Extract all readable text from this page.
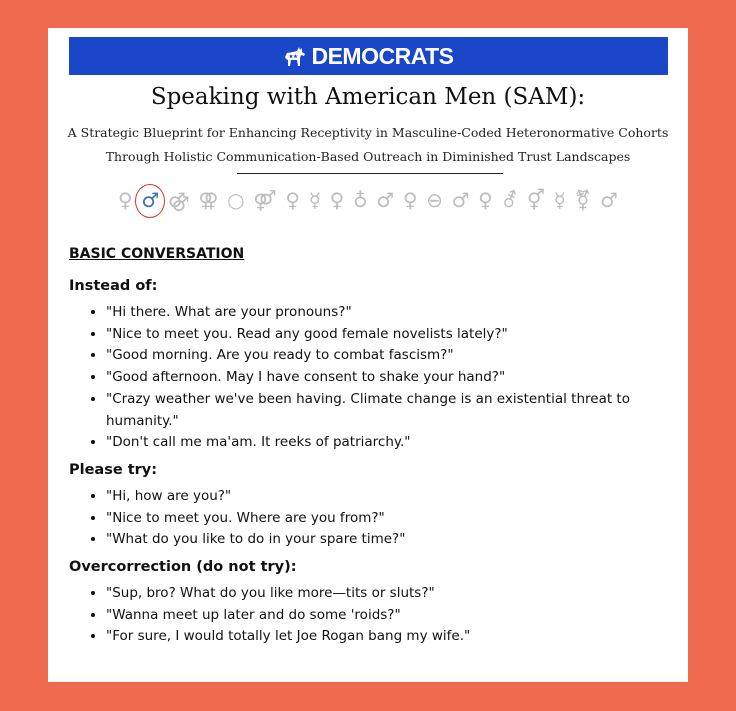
DEMOCRATS
Speaking with American Men (SAM):
A Strategic Blueprint for Enhancing Receptivity in Masculine-Coded Heteronormative Cohorts
Through Holistic Communication-Based Outreach in Diminished Trust Landscapes
♀ ♂ ⚣ ⚢ ○ ⚤ ♀ ☿ ♀ ♁ ♂ ♀ ⊖ ♂ ♀ ⚦ ⚥ ☿ ⚧ ♂
BASIC CONVERSATION
Instead of:
• "Hi there. What are your pronouns?"
• "Nice to meet you. Read any good female novelists lately?"
• "Good morning. Are you ready to combat fascism?"
• "Good afternoon. May I have consent to shake your hand?"
• "Crazy weather we've been having. Climate change is an existential threat to humanity."
• "Don't call me ma'am. It reeks of patriarchy."
Please try:
• "Hi, how are you?"
• "Nice to meet you. Where are you from?"
• "What do you like to do in your spare time?"
Overcorrection (do not try):
• "Sup, bro? What do you like more—tits or sluts?"
• "Wanna meet up later and do some 'roids?"
• "For sure, I would totally let Joe Rogan bang my wife."
